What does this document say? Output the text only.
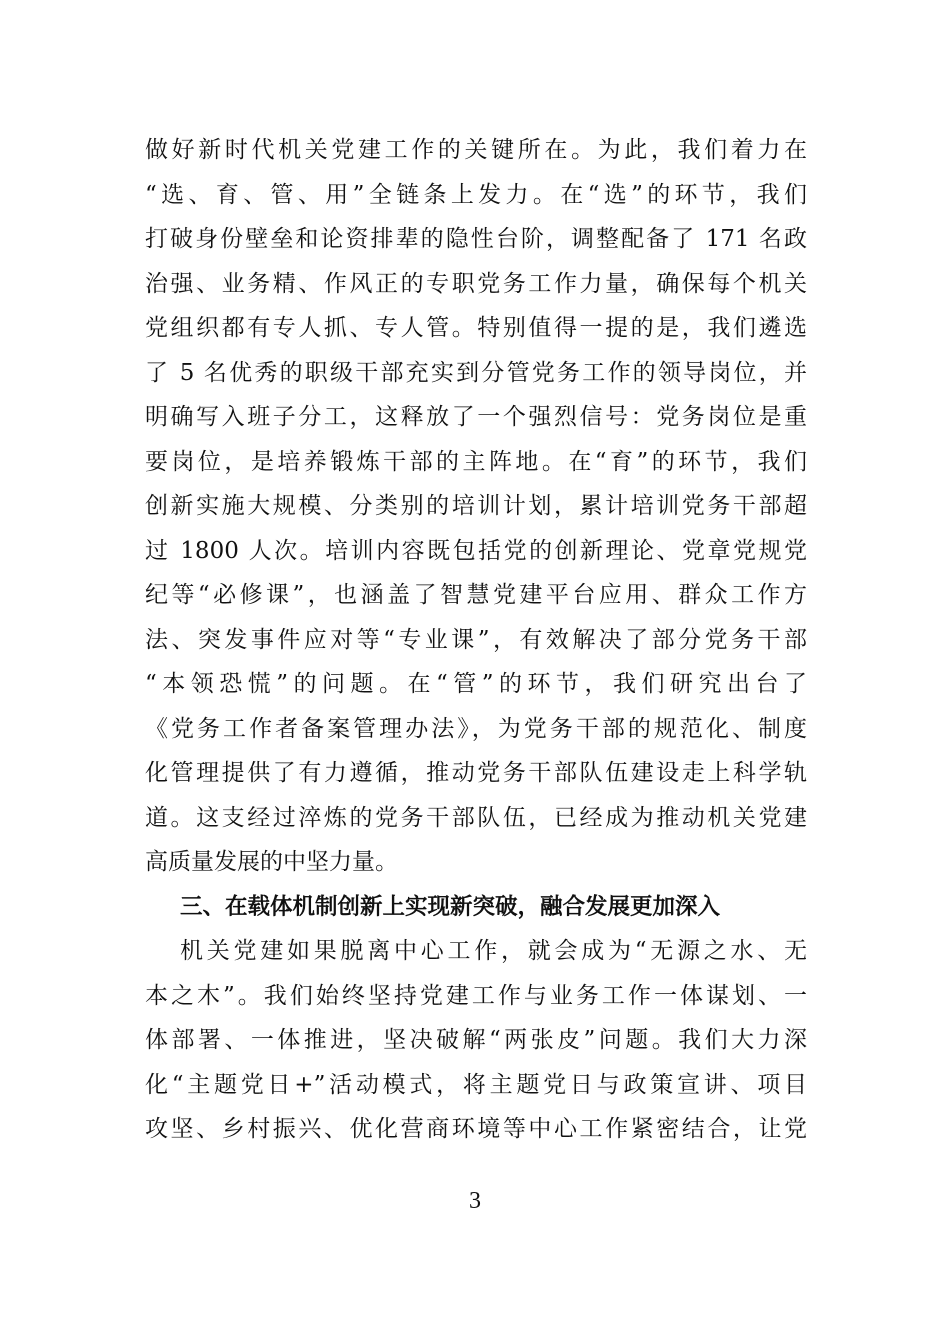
做好新时代机关党建工作的关键所在。为此，我们着力在
“选、育、管、用”全链条上发力。在“选”的环节，我们
打破身份壁垒和论资排辈的隐性台阶，调整配备了 171 名政
治强、业务精、作风正的专职党务工作力量，确保每个机关
党组织都有专人抓、专人管。特别值得一提的是，我们遴选
了 5 名优秀的职级干部充实到分管党务工作的领导岗位，并
明确写入班子分工，这释放了一个强烈信号：党务岗位是重
要岗位，是培养锻炼干部的主阵地。在“育”的环节，我们
创新实施大规模、分类别的培训计划，累计培训党务干部超
过 1800 人次。培训内容既包括党的创新理论、党章党规党
纪等“必修课”，也涵盖了智慧党建平台应用、群众工作方
法、突发事件应对等“专业课”，有效解决了部分党务干部
“本领恐慌”的问题。在“管”的环节，我们研究出台了
《党务工作者备案管理办法》，为党务干部的规范化、制度
化管理提供了有力遵循，推动党务干部队伍建设走上科学轨
道。这支经过淬炼的党务干部队伍，已经成为推动机关党建
高质量发展的中坚力量。
三、在载体机制创新上实现新突破，融合发展更加深入
机关党建如果脱离中心工作，就会成为“无源之水、无
本之木”。我们始终坚持党建工作与业务工作一体谋划、一
体部署、一体推进，坚决破解“两张皮”问题。我们大力深
化“主题党日+”活动模式，将主题党日与政策宣讲、项目
攻坚、乡村振兴、优化营商环境等中心工作紧密结合，让党
3
